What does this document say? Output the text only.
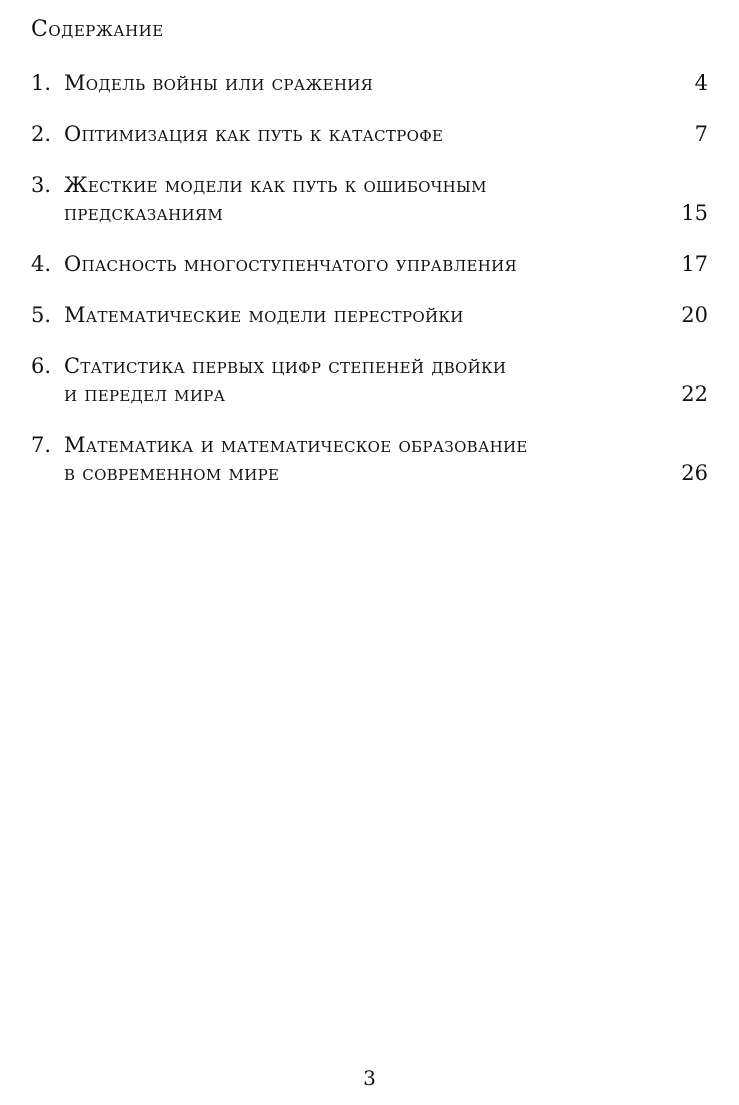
Содержание
1. Модель войны или сражения	4
2. Оптимизация как путь к катастрофе	7
3. Жесткие модели как путь к ошибочным
предсказаниям	15
4. Опасность многоступенчатого управления	17
5. Математические модели перестройки	20
6. Статистика первых цифр степеней двойки
и передел мира	22
7. Математика и математическое образование
в современном мире	26
3
